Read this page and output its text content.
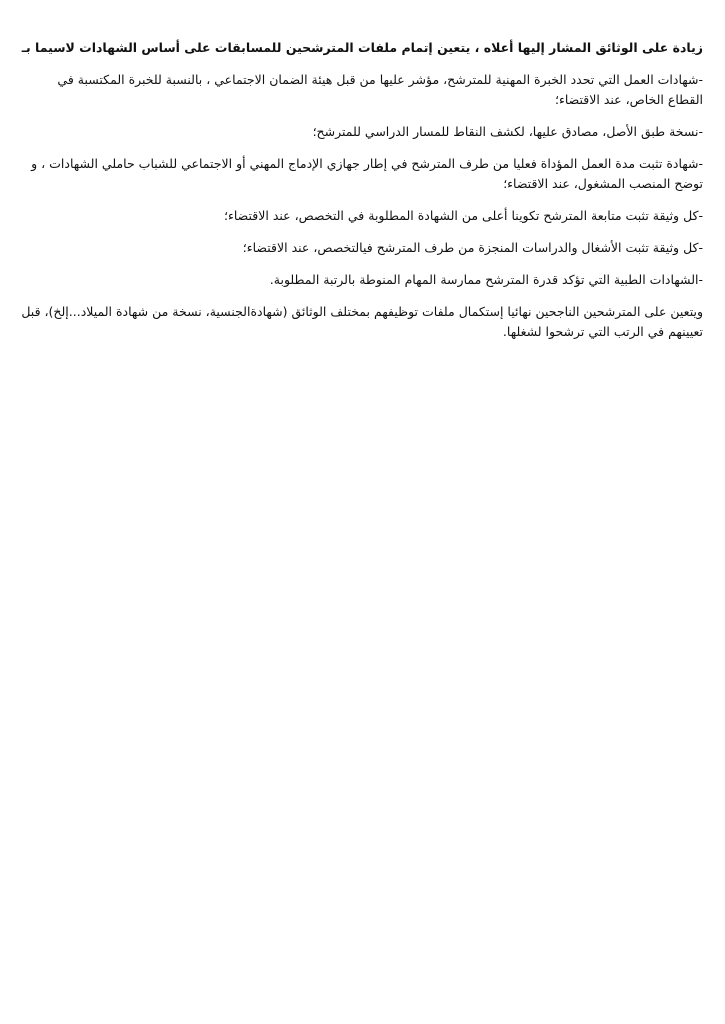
زيادة على الوثائق المشار إليها أعلاه ، يتعين إتمام ملفات المترشحين للمسابقات على أساس الشهادات لاسيما بـ

-شهادات العمل التي تحدد الخبرة المهنية للمترشح، مؤشر عليها من قبل هيئة الضمان الاجتماعي ، بالنسبة للخبرة المكتسبة في القطاع الخاص، عند الاقتضاء؛

-نسخة طبق الأصل، مصادق عليها، لكشف النقاط للمسار الدراسي للمترشح؛

-شهادة تثبت مدة العمل المؤداة فعليا من طرف المترشح في إطار جهازي الإدماج المهني أو الاجتماعي للشباب حاملي الشهادات ، و توضح المنصب المشغول، عند الاقتضاء؛

-كل وثيقة تثبت متابعة المترشح تكوينا أعلى من الشهادة المطلوبة في التخصص، عند الاقتضاء؛

-كل وثيقة تثبت الأشغال والدراسات المنجزة من طرف المترشح فيالتخصص، عند الاقتضاء؛

-الشهادات الطبية التي تؤكد قدرة المترشح ممارسة المهام المنوطة بالرتبة المطلوبة.

ويتعين على المترشحين الناجحين نهائيا إستكمال ملفات توظيفهم بمختلف الوثائق (شهادةالجنسية، نسخة من شهادة الميلاد...إلخ)، قبل تعيينهم في الرتب التي ترشحوا لشغلها.
